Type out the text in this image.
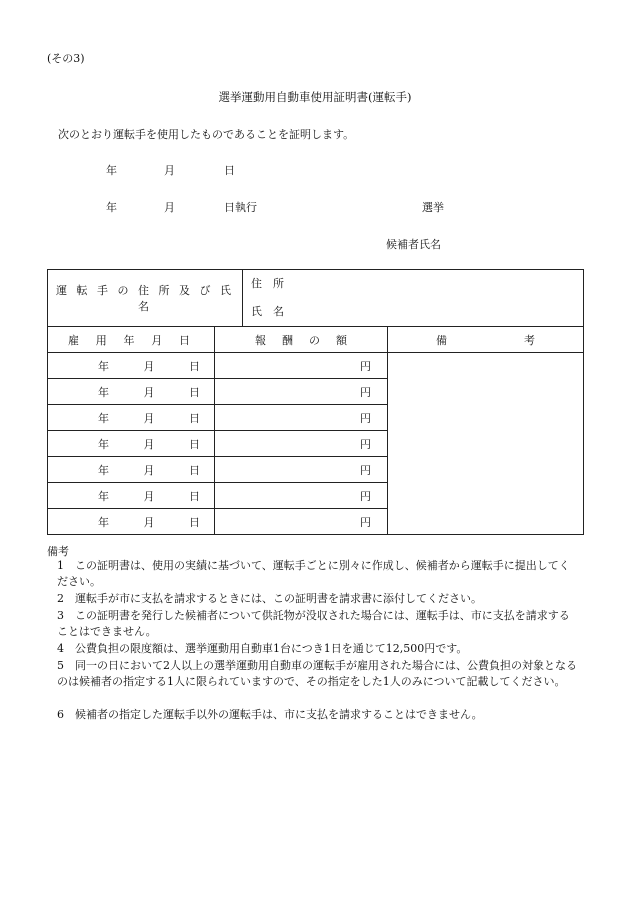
(その3)
選挙運動用自動車使用証明書(運転手)
次のとおり運転手を使用したものであることを証明します。
年	月	日
年	月	日執行	選挙
候補者氏名
運 転 手 の 住 所 及 び 氏 名		住　所
氏　名	

雇 用 年 月 日	報 酬 の 額		備 考

年 月 日	円		

年 月 日	円		

年 月 日	円		

年 月 日	円		

年 月 日	円		

年 月 日	円		

年 月 日	円		
備考
1 この証明書は、使用の実績に基づいて、運転手ごとに別々に作成し、候補者から運転手に提出してください。
2 運転手が市に支払を請求するときには、この証明書を請求書に添付してください。
3 この証明書を発行した候補者について供託物が没収された場合には、運転手は、市に支払を請求することはできません。
4 公費負担の限度額は、選挙運動用自動車1台につき1日を通じて12,500円です。
5 同一の日において2人以上の選挙運動用自動車の運転手が雇用された場合には、公費負担の対象となるのは候補者の指定する1人に限られていますので、その指定をした1人のみについて記載してください。
6 候補者の指定した運転手以外の運転手は、市に支払を請求することはできません。
